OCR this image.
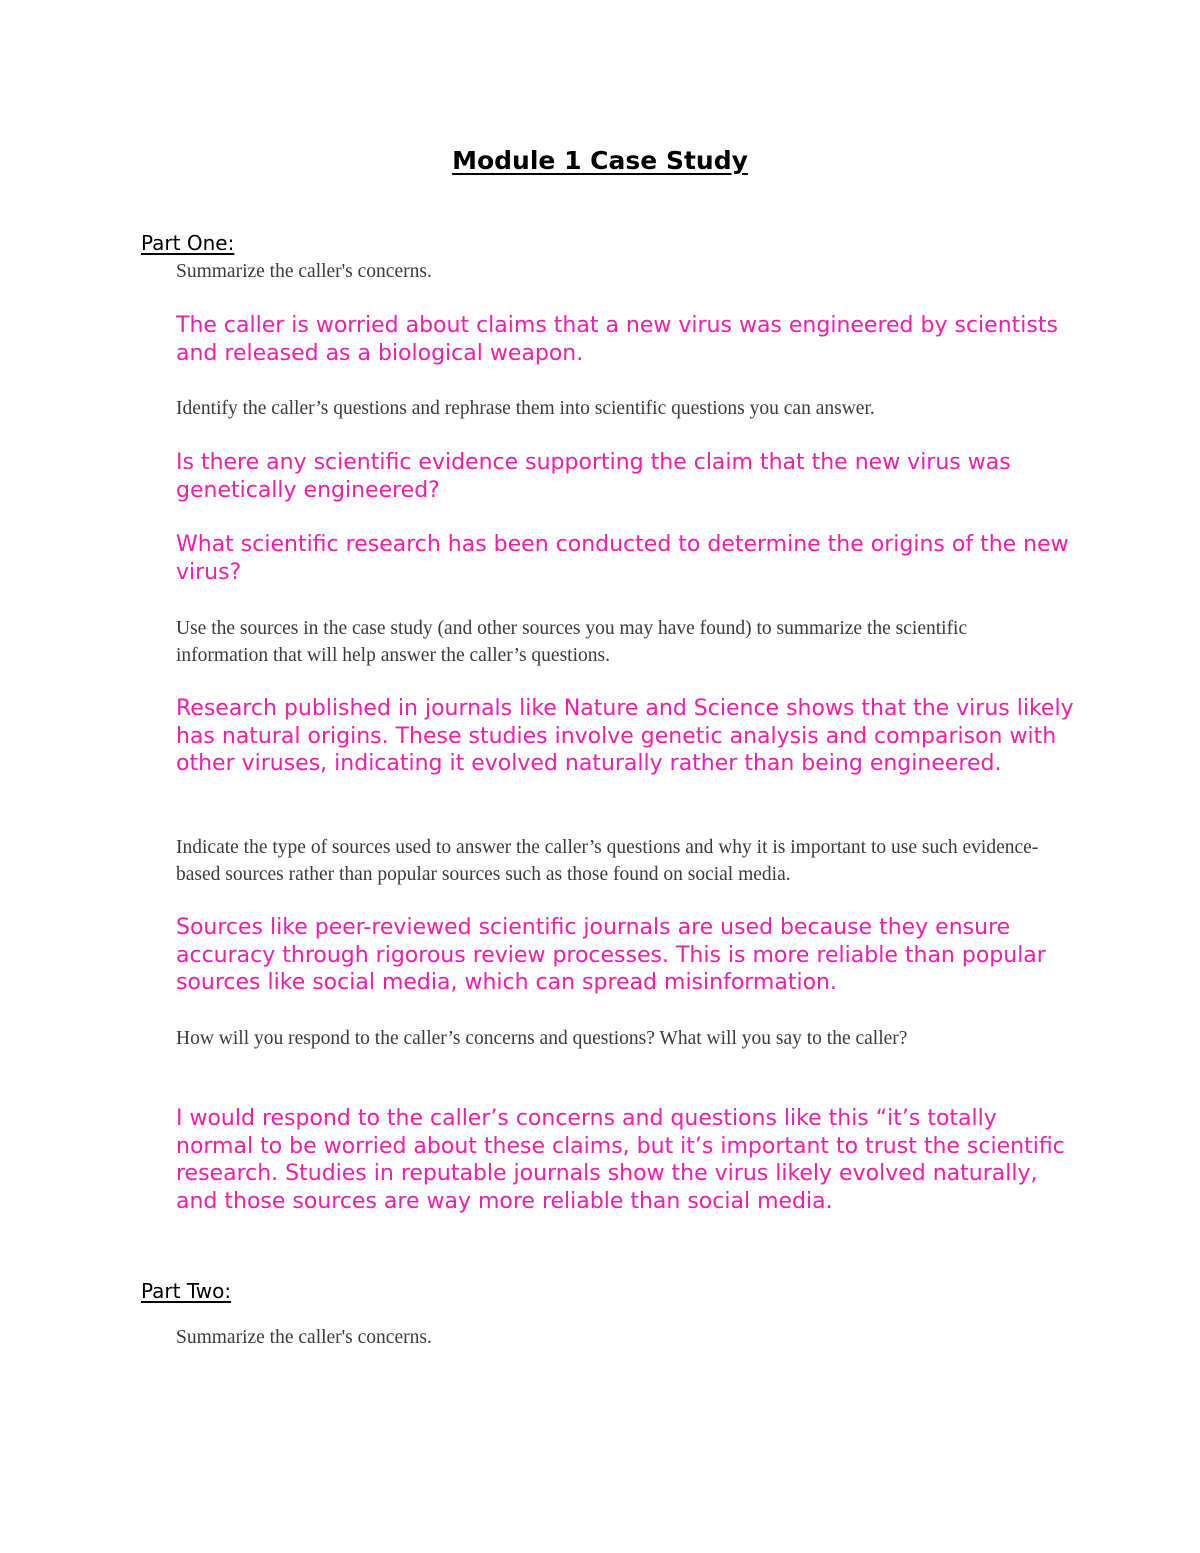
Module 1 Case Study
Part One:

Summarize the caller's concerns.

The caller is worried about claims that a new virus was engineered by scientists and released as a biological weapon.

Identify the caller’s questions and rephrase them into scientific questions you can answer.

Is there any scientific evidence supporting the claim that the new virus was genetically engineered?

What scientific research has been conducted to determine the origins of the new virus?

Use the sources in the case study (and other sources you may have found) to summarize the scientific information that will help answer the caller’s questions.

Research published in journals like Nature and Science shows that the virus likely has natural origins. These studies involve genetic analysis and comparison with other viruses, indicating it evolved naturally rather than being engineered.

Indicate the type of sources used to answer the caller’s questions and why it is important to use such evidence-based sources rather than popular sources such as those found on social media.

Sources like peer-reviewed scientific journals are used because they ensure accuracy through rigorous review processes. This is more reliable than popular sources like social media, which can spread misinformation.

How will you respond to the caller’s concerns and questions? What will you say to the caller?

I would respond to the caller’s concerns and questions like this “it’s totally normal to be worried about these claims, but it’s important to trust the scientific research. Studies in reputable journals show the virus likely evolved naturally, and those sources are way more reliable than social media.

Part Two:

Summarize the caller's concerns.
